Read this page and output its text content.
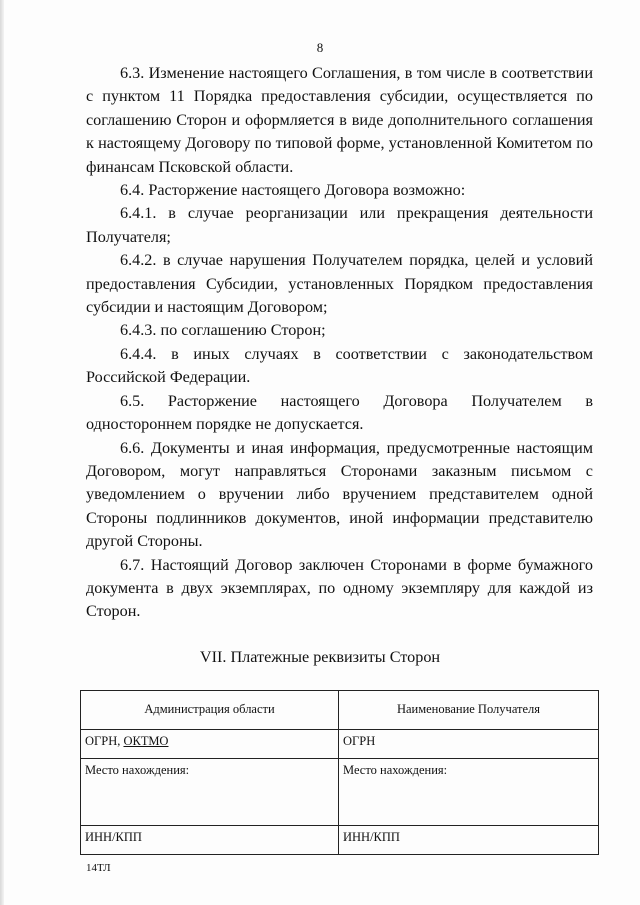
8

6.3. Изменение настоящего Соглашения, в том числе в соответствии с пунктом 11 Порядка предоставления субсидии, осуществляется по соглашению Сторон и оформляется в виде дополнительного соглашения к настоящему Договору по типовой форме, установленной Комитетом по финансам Псковской области.

6.4. Расторжение настоящего Договора возможно:

6.4.1. в случае реорганизации или прекращения деятельности Получателя;

6.4.2. в случае нарушения Получателем порядка, целей и условий предоставления Субсидии, установленных Порядком предоставления субсидии и настоящим Договором;

6.4.3. по соглашению Сторон;

6.4.4. в иных случаях в соответствии с законодательством Российской Федерации.

6.5. Расторжение настоящего Договора Получателем в одностороннем порядке не допускается.

6.6. Документы и иная информация, предусмотренные настоящим Договором, могут направляться Сторонами заказным письмом с уведомлением о вручении либо вручением представителем одной Стороны подлинников документов, иной информации представителю другой Стороны.

6.7. Настоящий Договор заключен Сторонами в форме бумажного документа в двух экземплярах, по одному экземпляру для каждой из Сторон.

VII. Платежные реквизиты Сторон
Администрация области	Наименование Получателя
ОГРН, ОКТМО	ОГРН
Место нахождения:	Место нахождения:
ИНН/КПП	ИНН/КПП
14ТЛ
